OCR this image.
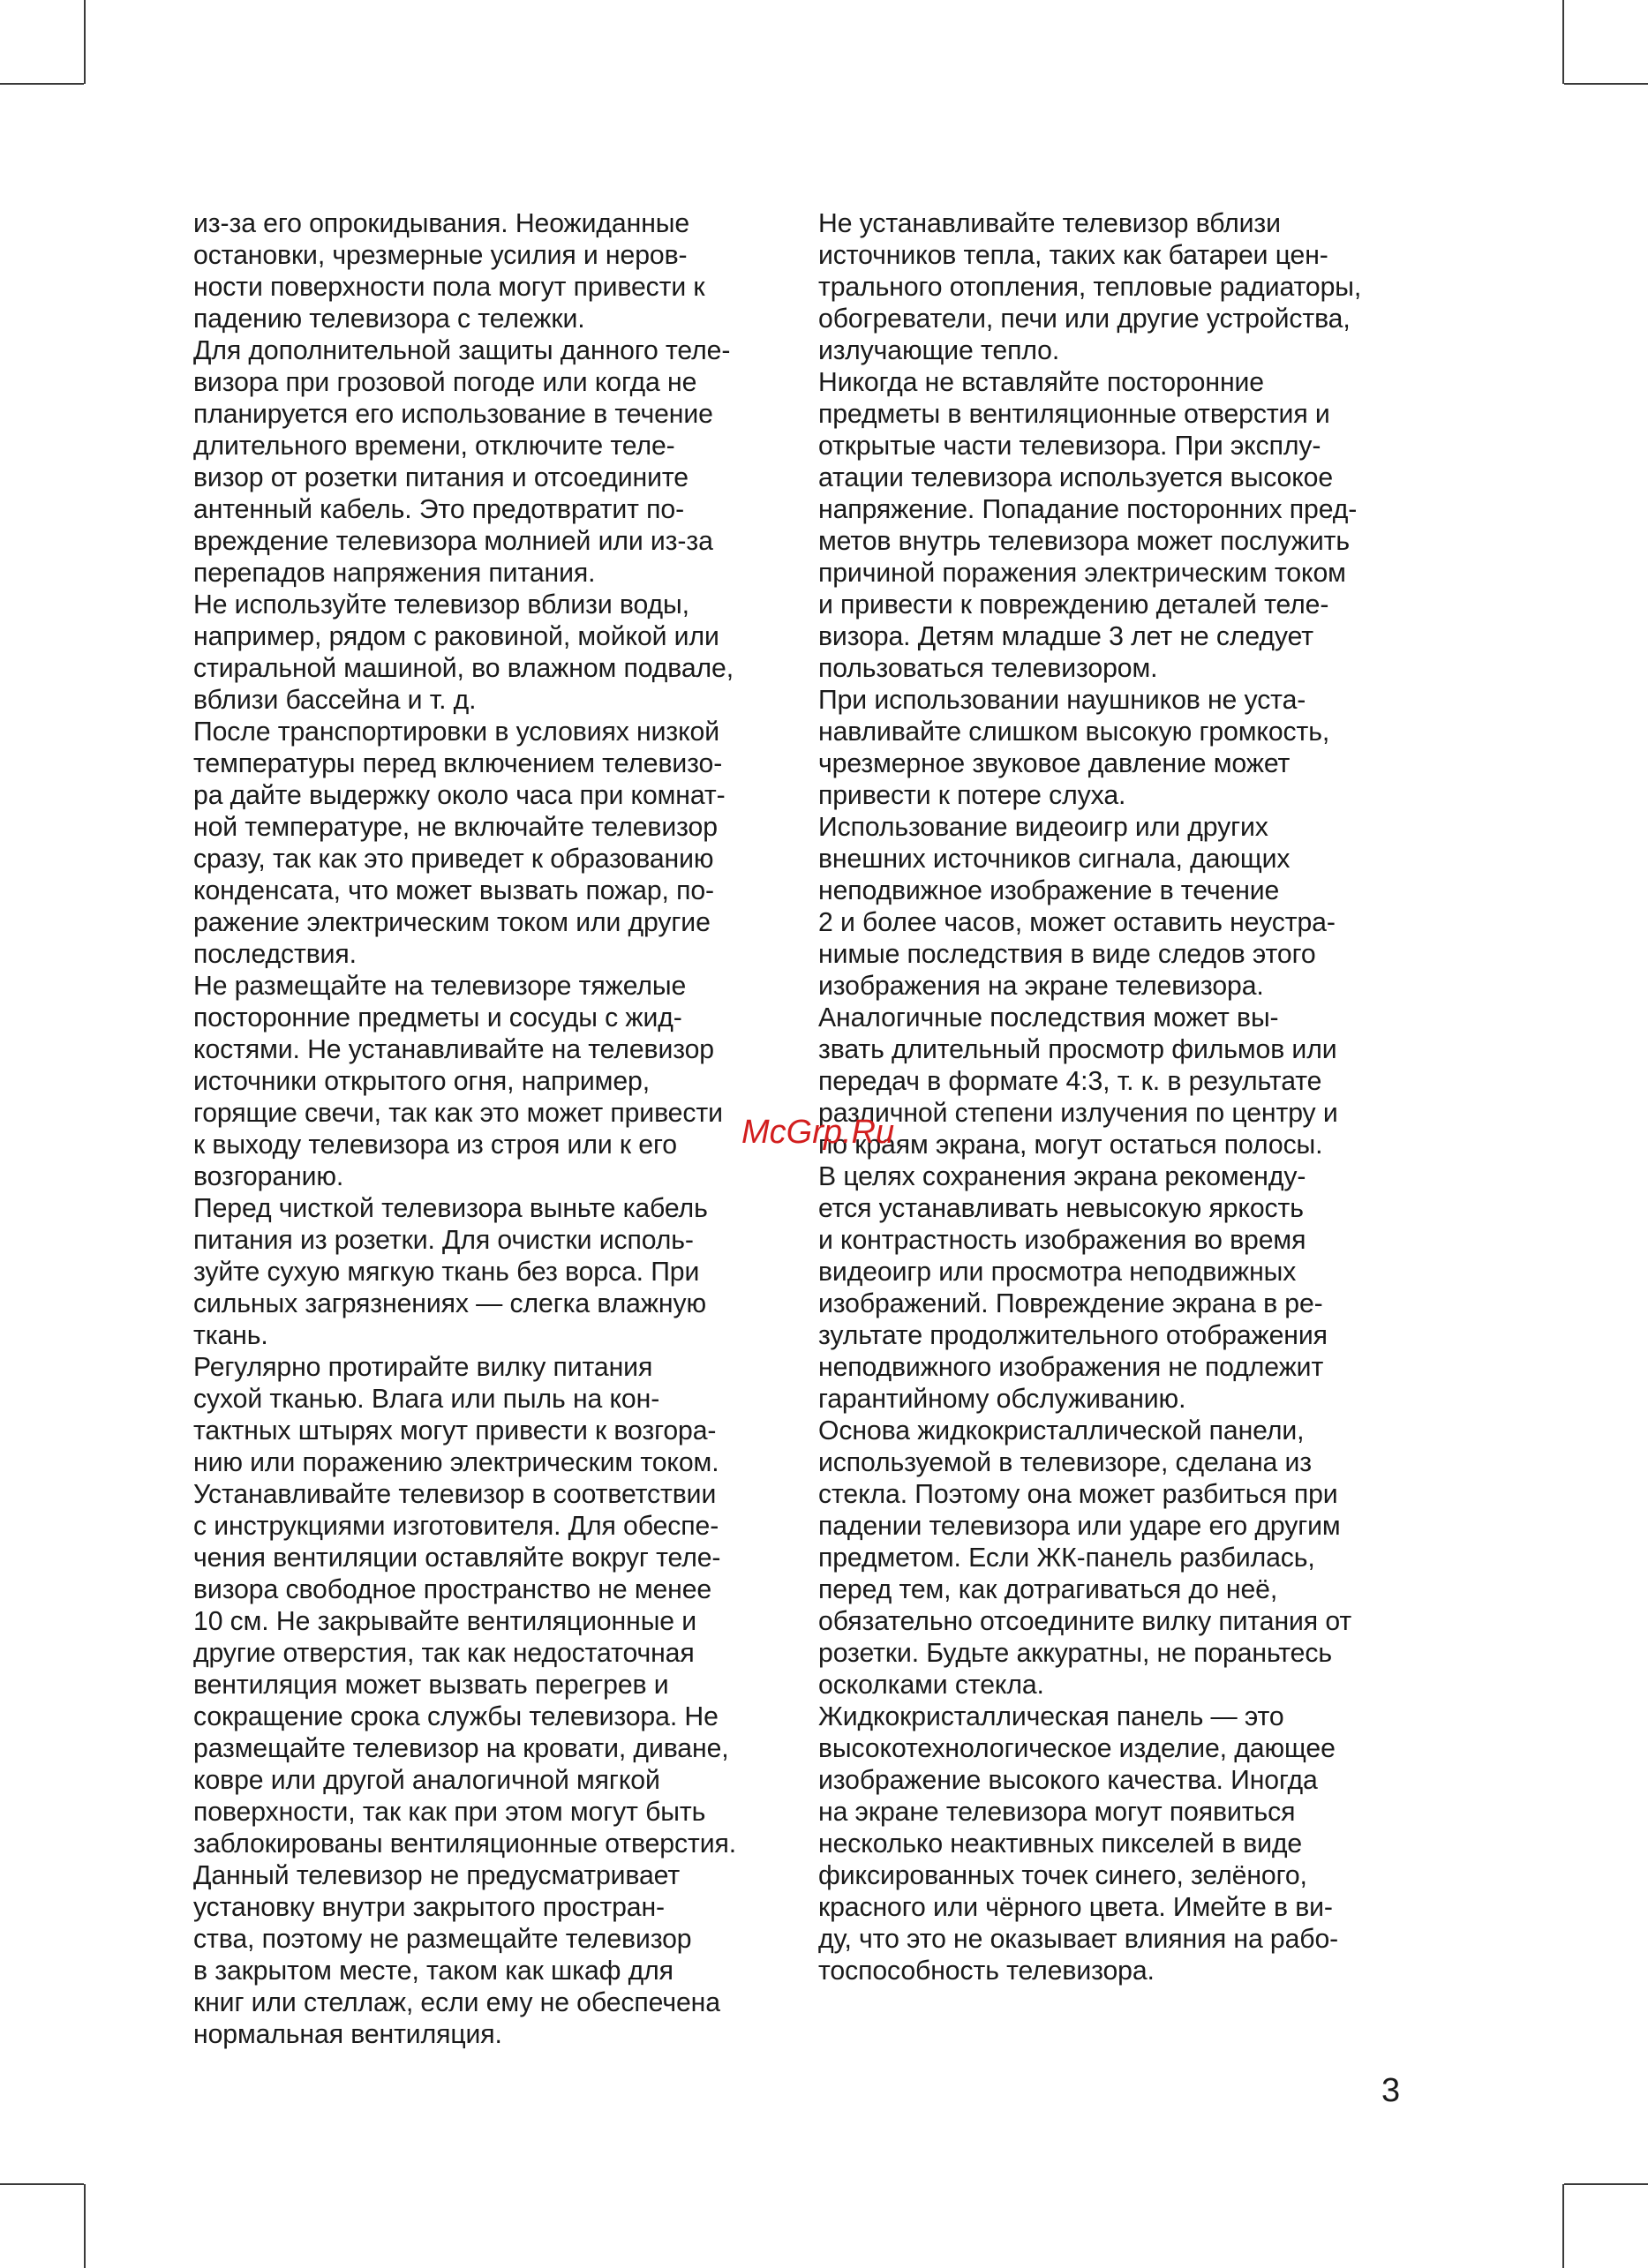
из-за его опрокидывания. Неожиданные
остановки, чрезмерные усилия и неров-
ности поверхности пола могут привести к
падению телевизора с тележки.

Для дополнительной защиты данного теле-
визора при грозовой погоде или когда не
планируется его использование в течение
длительного времени, отключите теле-
визор от розетки питания и отсоедините
антенный кабель. Это предотвратит по-
вреждение телевизора молнией или из-за
перепадов напряжения питания.

Не используйте телевизор вблизи воды,
например, рядом с раковиной, мойкой или
стиральной машиной, во влажном подвале,
вблизи бассейна и т. д.

После транспортировки в условиях низкой
температуры перед включением телевизо-
ра дайте выдержку около часа при комнат-
ной температуре, не включайте телевизор
сразу, так как это приведет к образованию
конденсата, что может вызвать пожар, по-
ражение электрическим током или другие
последствия.

Не размещайте на телевизоре тяжелые
посторонние предметы и сосуды с жид-
костями. Не устанавливайте на телевизор
источники открытого огня, например,
горящие свечи, так как это может привести
к выходу телевизора из строя или к его
возгоранию.

Перед чисткой телевизора выньте кабель
питания из розетки. Для очистки исполь-
зуйте сухую мягкую ткань без ворса. При
сильных загрязнениях — слегка влажную
ткань.

Регулярно протирайте вилку питания
сухой тканью. Влага или пыль на кон-
тактных штырях могут привести к возгора-
нию или поражению электрическим током.

Устанавливайте телевизор в соответствии
с инструкциями изготовителя. Для обеспе-
чения вентиляции оставляйте вокруг теле-
визора свободное пространство не менее
10 см. Не закрывайте вентиляционные и
другие отверстия, так как недостаточная
вентиляция может вызвать перегрев и
сокращение срока службы телевизора. Не
размещайте телевизор на кровати, диване,
ковре или другой аналогичной мягкой
поверхности, так как при этом могут быть
заблокированы вентиляционные отверстия.

Данный телевизор не предусматривает
установку внутри закрытого простран-
ства, поэтому не размещайте телевизор
в закрытом месте, таком как шкаф для
книг или стеллаж, если ему не обеспечена
нормальная вентиляция.

Не устанавливайте телевизор вблизи
источников тепла, таких как батареи цен-
трального отопления, тепловые радиаторы,
обогреватели, печи или другие устройства,
излучающие тепло.

Никогда не вставляйте посторонние
предметы в вентиляционные отверстия и
открытые части телевизора. При эксплу-
атации телевизора используется высокое
напряжение. Попадание посторонних пред-
метов внутрь телевизора может послужить
причиной поражения электрическим током
и привести к повреждению деталей теле-
визора. Детям младше 3 лет не следует
пользоваться телевизором.

При использовании наушников не уста-
навливайте слишком высокую громкость,
чрезмерное звуковое давление может
привести к потере слуха.

Использование видеоигр или других
внешних источников сигнала, дающих
неподвижное изображение в течение
2 и более часов, может оставить неустра-
нимые последствия в виде следов этого
изображения на экране телевизора.
Аналогичные последствия может вы-
звать длительный просмотр фильмов или
передач в формате 4:3, т. к. в результате
различной степени излучения по центру и
по краям экрана, могут остаться полосы.
В целях сохранения экрана рекоменду-
ется устанавливать невысокую яркость
и контрастность изображения во время
видеоигр или просмотра неподвижных
изображений. Повреждение экрана в ре-
зультате продолжительного отображения
неподвижного изображения не подлежит
гарантийному обслуживанию.

Основа жидкокристаллической панели,
используемой в телевизоре, сделана из
стекла. Поэтому она может разбиться при
падении телевизора или ударе его другим
предметом. Если ЖК-панель разбилась,
перед тем, как дотрагиваться до неё,
обязательно отсоедините вилку питания от
розетки. Будьте аккуратны, не пораньтесь
осколками стекла.

Жидкокристаллическая панель — это
высокотехнологическое изделие, дающее
изображение высокого качества. Иногда
на экране телевизора могут появиться
несколько неактивных пикселей в виде
фиксированных точек синего, зелёного,
красного или чёрного цвета. Имейте в ви-
ду, что это не оказывает влияния на рабо-
тоспособность телевизора.

McGrp.Ru
3
